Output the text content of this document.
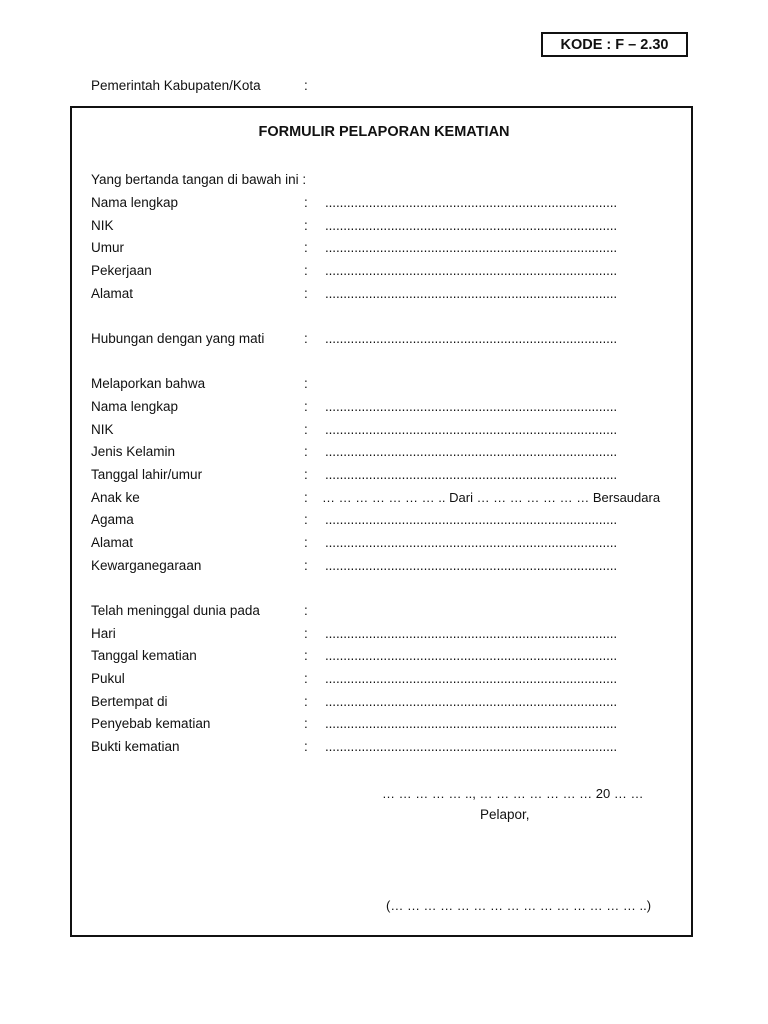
KODE : F – 2.30
Pemerintah Kabupaten/Kota	:
FORMULIR PELAPORAN KEMATIAN
Yang bertanda tangan di bawah ini :
Nama lengkap	: ................................................................................
NIK	: ................................................................................
Umur	: ................................................................................
Pekerjaan	: ................................................................................
Alamat	: ................................................................................
Hubungan dengan yang mati	: ................................................................................
Melaporkan bahwa	:
Nama lengkap	: ................................................................................
NIK	: ................................................................................
Jenis Kelamin	: ................................................................................
Tanggal lahir/umur	: ................................................................................
Anak ke	: … … … … … … … .. Dari … … … … … … … Bersaudara
Agama	: ................................................................................
Alamat	: ................................................................................
Kewarganegaraan	: ................................................................................
Telah meninggal dunia pada	:
Hari	: ................................................................................
Tanggal kematian	: ................................................................................
Pukul	: ................................................................................
Bertempat di	: ................................................................................
Penyebab kematian	: ................................................................................
Bukti kematian	: ................................................................................
… … … … … .., … … … … … … … 20 … …
Pelapor,
(… … … … … … … … … … … … … … … ..)
